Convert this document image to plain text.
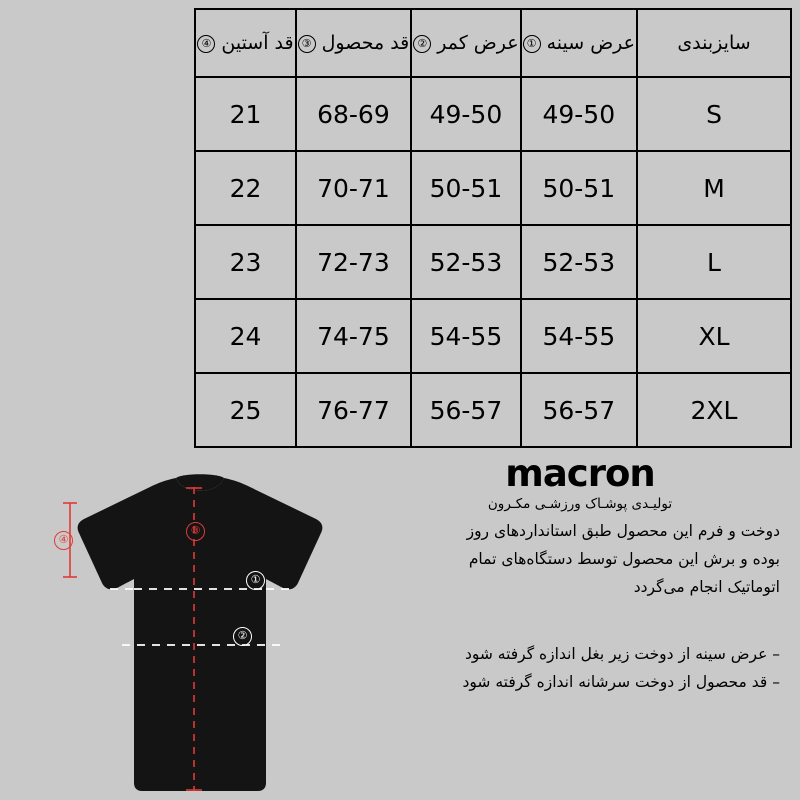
سایزبندی	عرض سینه①	عرض کمر②	قد محصول③	قد آستین④
S	49-50	49-50	68-69	21
M	50-51	50-51	70-71	22
L	52-53	52-53	72-73	23
XL	54-55	54-55	74-75	24
2XL	56-57	56-57	76-77	25
macron
تولیـدی پوشـاک ورزشـی مکـرون
دوخت و فرم این محصول طبق استانداردهای روز
بوده و برش این محصول توسط دستگاه‌های تمام
اتوماتیک انجام می‌گردد
– عرض سینه از دوخت زیر بغل اندازه گرفته شود
– قد محصول از دوخت سرشانه اندازه گرفته شود
③
①
②
④
